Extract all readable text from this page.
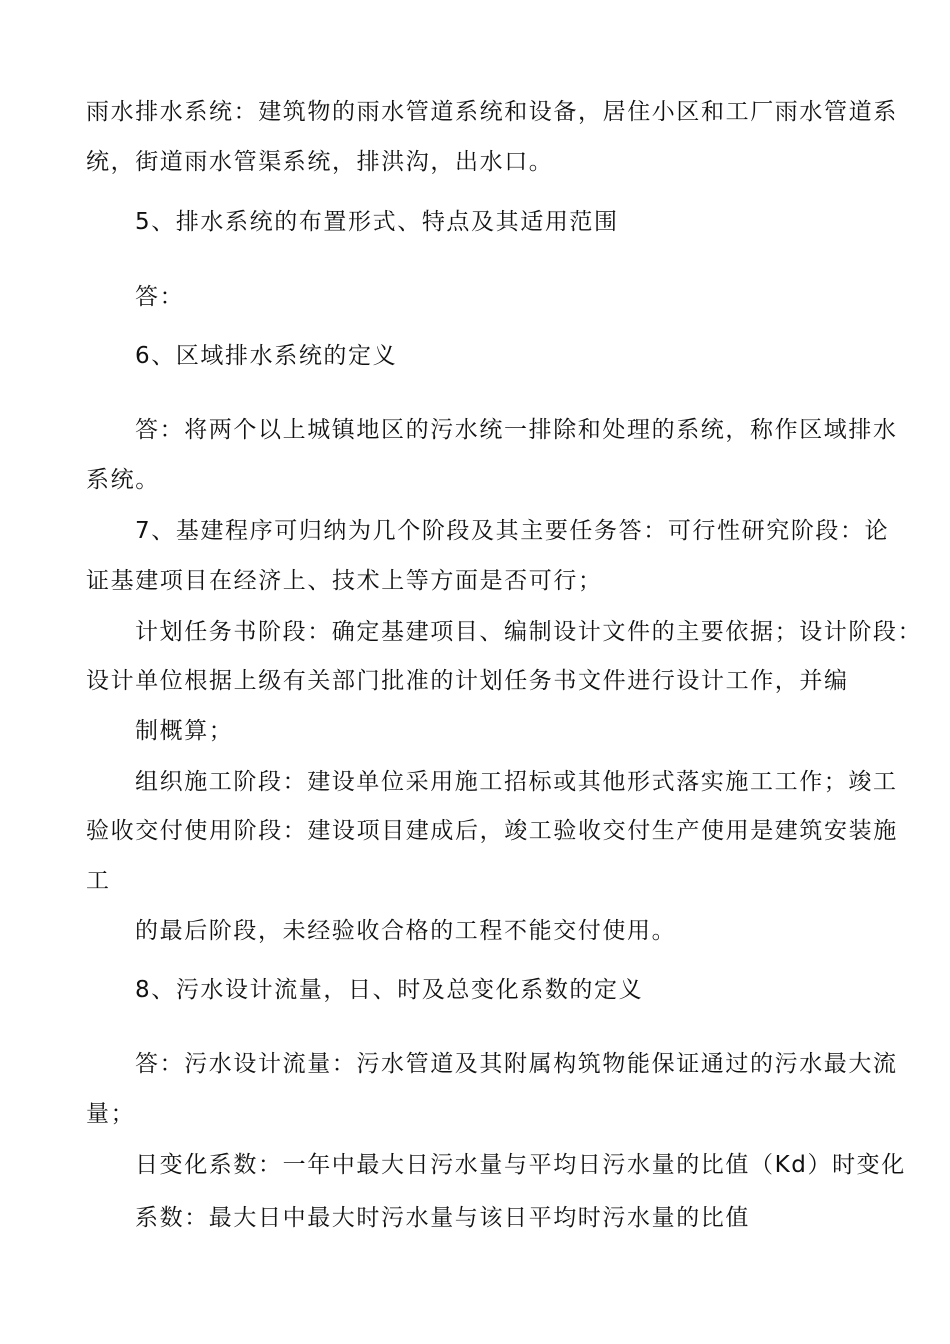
雨水排水系统：建筑物的雨水管道系统和设备，居住小区和工厂雨水管道系
统，街道雨水管渠系统，排洪沟，出水口。
5、排水系统的布置形式、特点及其适用范围
答：
6、区域排水系统的定义
答：将两个以上城镇地区的污水统一排除和处理的系统，称作区域排水
系统。
7、基建程序可归纳为几个阶段及其主要任务答：可行性研究阶段：论
证基建项目在经济上、技术上等方面是否可行；
计划任务书阶段：确定基建项目、编制设计文件的主要依据；设计阶段：
设计单位根据上级有关部门批准的计划任务书文件进行设计工作，并编
制概算；
组织施工阶段：建设单位采用施工招标或其他形式落实施工工作；竣工
验收交付使用阶段：建设项目建成后，竣工验收交付生产使用是建筑安装施
工
的最后阶段，未经验收合格的工程不能交付使用。
8、污水设计流量，日、时及总变化系数的定义
答：污水设计流量：污水管道及其附属构筑物能保证通过的污水最大流
量；
日变化系数：一年中最大日污水量与平均日污水量的比值（Kd）时变化
系数：最大日中最大时污水量与该日平均时污水量的比值
